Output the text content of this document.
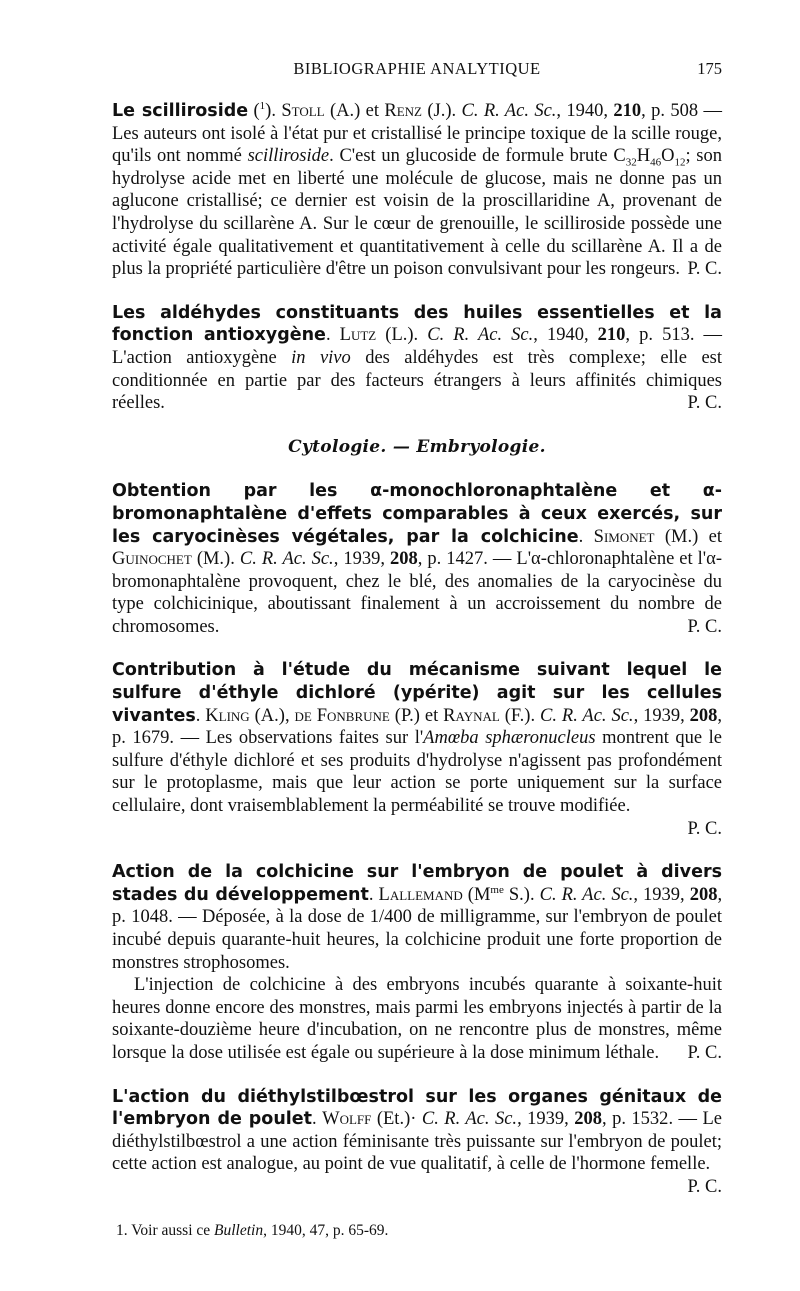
BIBLIOGRAPHIE ANALYTIQUE	175

Le scilliroside ($^1$). Stoll (A.) et Renz (J.). C. R. Ac. Sc., 1940, 210, p. 508 — Les auteurs ont isolé à l'état pur et cristallisé le principe toxique de la scille rouge, qu'ils ont nommé scilliroside. C'est un glucoside de formule brute $C_{32}H_{46}O_{12}$; son hydrolyse acide met en liberté une molécule de glucose, mais ne donne pas un aglucone cristallisé; ce dernier est voisin de la proscillaridine A, provenant de l'hydrolyse du scillarène A. Sur le cœur de grenouille, le scilliroside possède une activité égale qualitativement et quantitativement à celle du scillarène A. Il a de plus la propriété particulière d'être un poison convulsivant pour les rongeurs. P. C.

Les aldéhydes constituants des huiles essentielles et la fonction antioxygène. Lutz (L.). C. R. Ac. Sc., 1940, 210, p. 513. — L'action antioxygène in vivo des aldéhydes est très complexe; elle est conditionnée en partie par des facteurs étrangers à leurs affinités chimiques réelles.	P. C.

Cytologie. — Embryologie.

Obtention par les α-monochloronaphtalène et α-bromonaphtalène d'effets comparables à ceux exercés, sur les caryocinèses végétales, par la colchicine. Simonet (M.) et Guinochet (M.). C. R. Ac. Sc., 1939, 208, p. 1427. — L'α-chloronaphtalène et l'α-bromonaphtalène provoquent, chez le blé, des anomalies de la caryocinèse du type colchicinique, aboutissant finalement à un accroissement du nombre de chromosomes.	P. C.

Contribution à l'étude du mécanisme suivant lequel le sulfure d'éthyle dichloré (ypérite) agit sur les cellules vivantes. Kling (A.), de Fonbrune (P.) et Raynal (F.). C. R. Ac. Sc., 1939, 208, p. 1679. — Les observations faites sur l'Amœba sphæronucleus montrent que le sulfure d'éthyle dichloré et ses produits d'hydrolyse n'agissent pas profondément sur le protoplasme, mais que leur action se porte uniquement sur la surface cellulaire, dont vraisemblablement la perméabilité se trouve modifiée.

P. C.

Action de la colchicine sur l'embryon de poulet à divers stades du développement. Lallemand ($M^{me}$ S.). C. R. Ac. Sc., 1939, 208, p. 1048. — Déposée, à la dose de 1/400 de milligramme, sur l'embryon de poulet incubé depuis quarante-huit heures, la colchicine produit une forte proportion de monstres strophosomes.

L'injection de colchicine à des embryons incubés quarante à soixante-huit heures donne encore des monstres, mais parmi les embryons injectés à partir de la soixante-douzième heure d'incubation, on ne rencontre plus de monstres, même lorsque la dose utilisée est égale ou supérieure à la dose minimum léthale.	P. C.

L'action du diéthylstilbœstrol sur les organes génitaux de l'embryon de poulet. Wolff (Et.)· C. R. Ac. Sc., 1939, 208, p. 1532. — Le diéthylstilbœstrol a une action féminisante très puissante sur l'embryon de poulet; cette action est analogue, au point de vue qualitatif, à celle de l'hormone femelle.
P. C.

1. Voir aussi ce Bulletin, 1940, 47, p. 65-69.
